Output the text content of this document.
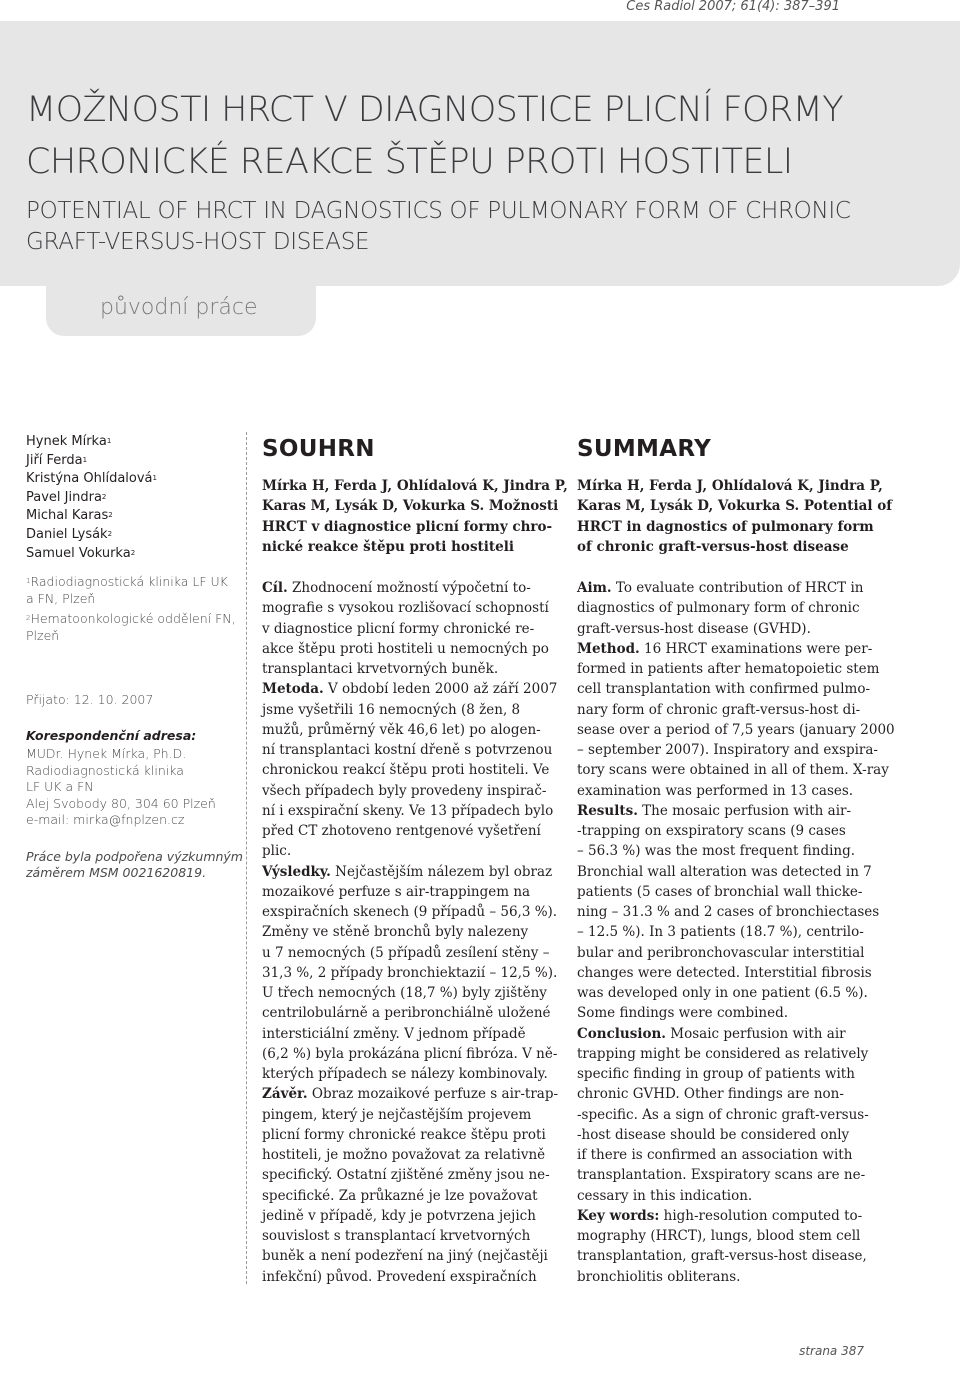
Ces Radiol 2007; 61(4): 387–391
MOŽNOSTI HRCT V DIAGNOSTICE PLICNÍ FORMY
CHRONICKÉ REAKCE ŠTĚPU PROTI HOSTITELI
POTENTIAL OF HRCT IN DAGNOSTICS OF PULMONARY FORM OF CHRONIC
GRAFT-VERSUS-HOST DISEASE
původní práce
Hynek Mírka$^1$
Jiří Ferda$^1$
Kristýna Ohlídalová$^1$
Pavel Jindra$^2$
Michal Karas$^2$
Daniel Lysák$^2$
Samuel Vokurka$^2$
$^1$Radiodiagnostická klinika LF UK
a FN, Plzeň
$^2$Hematoonkologické oddělení FN,
Plzeň
Přijato: 12. 10. 2007
Korespondenční adresa:
MUDr. Hynek Mírka, Ph.D.
Radiodiagnostická klinika
LF UK a FN
Alej Svobody 80, 304 60 Plzeň
e-mail: mirka@fnplzen.cz
Práce byla podpořena výzkumným
záměrem MSM 0021620819.
SOUHRN
Mírka H, Ferda J, Ohlídalová K, Jindra P,
Karas M, Lysák D, Vokurka S. Možnosti
HRCT v diagnostice plicní formy chro-
nické reakce štěpu proti hostiteli
Cíl. Zhodnocení možností výpočetní to-
mografie s vysokou rozlišovací schopností
v diagnostice plicní formy chronické re-
akce štěpu proti hostiteli u nemocných po
transplantaci krvetvorných buněk.
Metoda. V období leden 2000 až září 2007
jsme vyšetřili 16 nemocných (8 žen, 8
mužů, průměrný věk 46,6 let) po alogen-
ní transplantaci kostní dřeně s potvrzenou
chronickou reakcí štěpu proti hostiteli. Ve
všech případech byly provedeny inspirač-
ní i exspirační skeny. Ve 13 případech bylo
před CT zhotoveno rentgenové vyšetření
plic.
Výsledky. Nejčastějším nálezem byl obraz
mozaikové perfuze s air-trappingem na
exspiračních skenech (9 případů – 56,3 %).
Změny ve stěně bronchů byly nalezeny
u 7 nemocných (5 případů zesílení stěny –
31,3 %, 2 případy bronchiektazií – 12,5 %).
U třech nemocných (18,7 %) byly zjištěny
centrilobulárně a peribronchiálně uložené
intersticiální změny. V jednom případě
(6,2 %) byla prokázána plicní fibróza. V ně-
kterých případech se nálezy kombinovaly.
Závěr. Obraz mozaikové perfuze s air-trap-
pingem, který je nejčastějším projevem
plicní formy chronické reakce štěpu proti
hostiteli, je možno považovat za relativně
specifický. Ostatní zjištěné změny jsou ne-
specifické. Za průkazné je lze považovat
jedině v případě, kdy je potvrzena jejich
souvislost s transplantací krvetvorných
buněk a není podezření na jiný (nejčastěji
infekční) původ. Provedení exspiračních
SUMMARY
Mírka H, Ferda J, Ohlídalová K, Jindra P,
Karas M, Lysák D, Vokurka S. Potential of
HRCT in dagnostics of pulmonary form
of chronic graft-versus-host disease
Aim. To evaluate contribution of HRCT in
diagnostics of pulmonary form of chronic
graft-versus-host disease (GVHD).
Method. 16 HRCT examinations were per-
formed in patients after hematopoietic stem
cell transplantation with confirmed pulmo-
nary form of chronic graft-versus-host di-
sease over a period of 7,5 years (january 2000
– september 2007). Inspiratory and exspira-
tory scans were obtained in all of them. X-ray
examination was performed in 13 cases.
Results. The mosaic perfusion with air-
-trapping on exspiratory scans (9 cases
– 56.3 %) was the most frequent finding.
Bronchial wall alteration was detected in 7
patients (5 cases of bronchial wall thicke-
ning – 31.3 % and 2 cases of bronchiectases
– 12.5 %). In 3 patients (18.7 %), centrilo-
bular and peribronchovascular interstitial
changes were detected. Interstitial fibrosis
was developed only in one patient (6.5 %).
Some findings were combined.
Conclusion. Mosaic perfusion with air
trapping might be considered as relatively
specific finding in group of patients with
chronic GVHD. Other findings are non-
-specific. As a sign of chronic graft-versus-
-host disease should be considered only
if there is confirmed an association with
transplantation. Exspiratory scans are ne-
cessary in this indication.
Key words: high-resolution computed to-
mography (HRCT), lungs, blood stem cell
transplantation, graft-versus-host disease,
bronchiolitis obliterans.
strana 387
